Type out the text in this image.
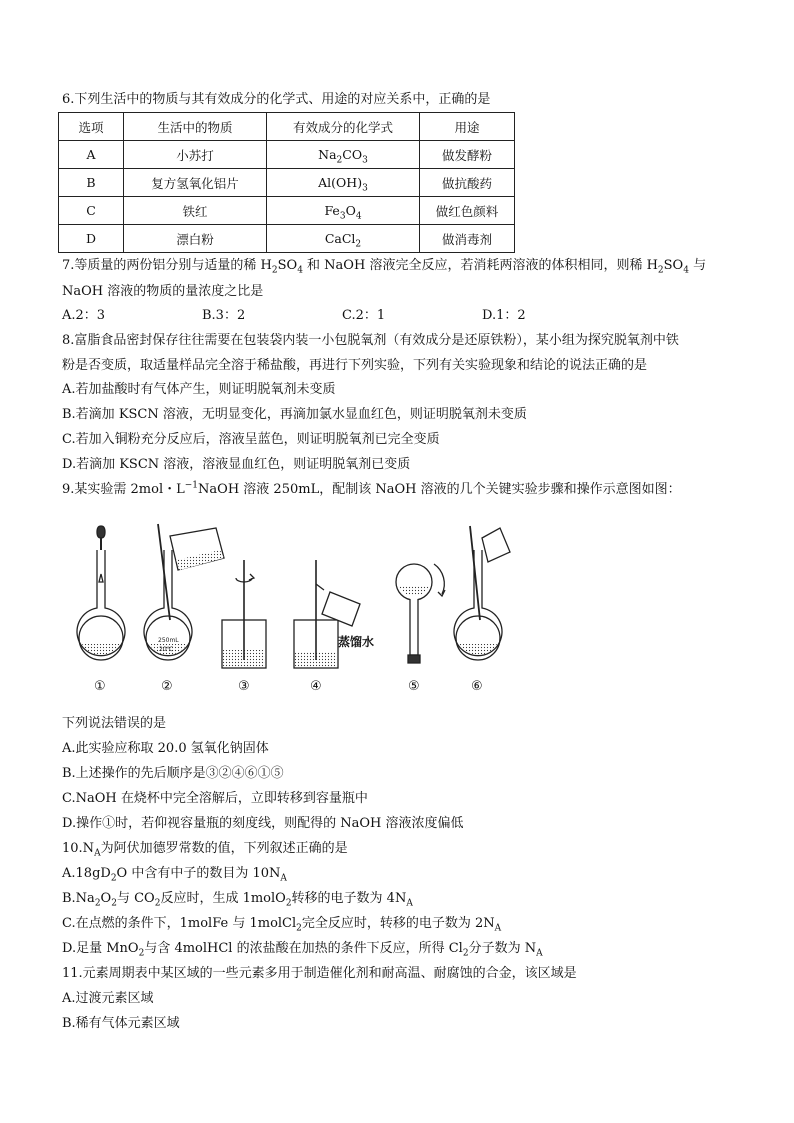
6.下列生活中的物质与其有效成分的化学式、用途的对应关系中，正确的是
选项	生活中的物质	有效成分的化学式	用途
A	小苏打	$Na_2CO_3$	做发酵粉
B	复方氢氧化铝片	$Al(OH)_3$	做抗酸药
C	铁红	$Fe_3O_4$	做红色颜料
D	漂白粉	CaCl$_2$	做消毒剂
7.等质量的两份铝分别与适量的稀 $H_2SO_4$ 和 NaOH 溶液完全反应，若消耗两溶液的体积相同，则稀 $H_2SO_4$ 与
NaOH 溶液的物质的量浓度之比是
A.2：3	B.3：2	C.2：1	D.1：2
8.富脂食品密封保存往往需要在包装袋内装一小包脱氧剂（有效成分是还原铁粉），某小组为探究脱氧剂中铁
粉是否变质，取适量样品完全溶于稀盐酸，再进行下列实验，下列有关实验现象和结论的说法正确的是
A.若加盐酸时有气体产生，则证明脱氧剂未变质
B.若滴加 KSCN 溶液，无明显变化，再滴加氯水显血红色，则证明脱氧剂未变质
C.若加入铜粉充分反应后，溶液呈蓝色，则证明脱氧剂已完全变质
D.若滴加 KSCN 溶液，溶液显血红色，则证明脱氧剂已变质
9.某实验需 2mol・$L^{-1}NaOH$ 溶液 250mL，配制该 NaOH 溶液的几个关键实验步骤和操作示意图如图：
250mL
20℃
蒸馏水
①	②	③	④	⑤	⑥
下列说法错误的是
A.此实验应称取 20.0 氢氧化钠固体
B.上述操作的先后顺序是③②④⑥①⑤
C.NaOH 在烧杯中完全溶解后，立即转移到容量瓶中
D.操作①时，若仰视容量瓶的刻度线，则配得的 NaOH 溶液浓度偏低
$10.N_A$为阿伏加德罗常数的值，下列叙述正确的是
$A.18gD_2O$ 中含有中子的数目为 $10N_A$
$B.Na_2O_2$与 $CO_2$反应时，生成 1molO$_2$转移的电子数为 $4N_A$
C.在点燃的条件下，1molFe 与 1molCl$_2$完全反应时，转移的电子数为 $2N_A$
D.足量 MnO$_2$与含 4molHCl 的浓盐酸在加热的条件下反应，所得 $Cl_2$分子数为 $N_A$
11.元素周期表中某区域的一些元素多用于制造催化剂和耐高温、耐腐蚀的合金，该区域是
A.过渡元素区域
B.稀有气体元素区域
